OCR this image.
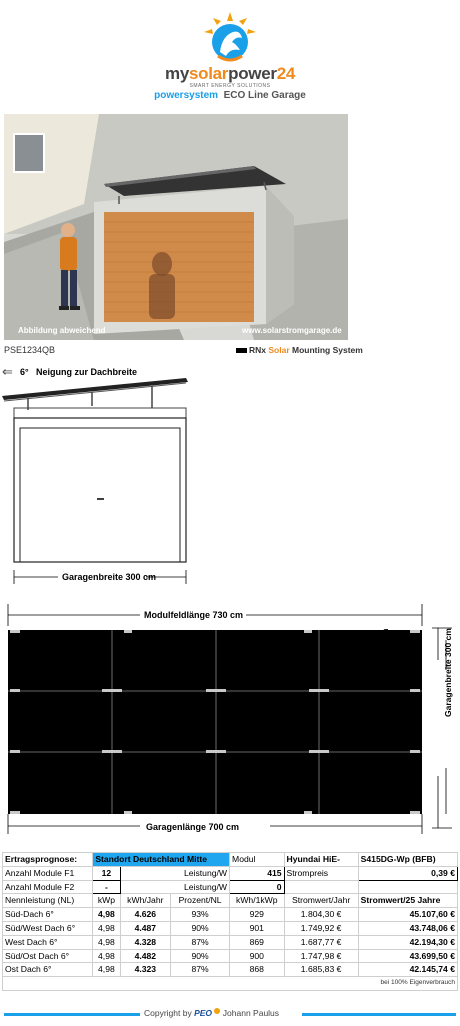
mysolarpower24
SMART ENERGY SOLUTIONS
powersystem ECO Line Garage
Abbildung abweichend	www.solarstromgarage.de
PSE1234QB	RNx Solar Mounting System
⇐ 6° Neigung zur Dachbreite
Garagenbreite 300 cm
Modulfeldlänge 730 cm
Garagenlänge 700 cm
Garagenbreite 300 cm
Ertragsprognose:	Standort Deutschland Mitte			Modul	Hyundai HiE-	S415DG-Wp (BFB)
Anzahl Module F1	12	Leistung/W		415	Strompreis	0,39 €
Anzahl Module F2	-	Leistung/W		0		
Nennleistung (NL)	kWp	kWh/Jahr	Prozent/NL	kWh/1kWp	Stromwert/Jahr	Stromwert/25 Jahre
Süd-Dach 6°	4,98	4.626	93%	929	1.804,30 €	45.107,60 €
Süd/West Dach 6°	4,98	4.487	90%	901	1.749,92 €	43.748,06 €
West Dach 6°	4,98	4.328	87%	869	1.687,77 €	42.194,30 €
Süd/Ost Dach 6°	4,98	4.482	90%	900	1.747,98 €	43.699,50 €
Ost Dach 6°	4,98	4.323	87%	868	1.685,83 €	42.145,74 €
bei 100% Eigenverbrauch						
Copyright by PEO Johann Paulus
